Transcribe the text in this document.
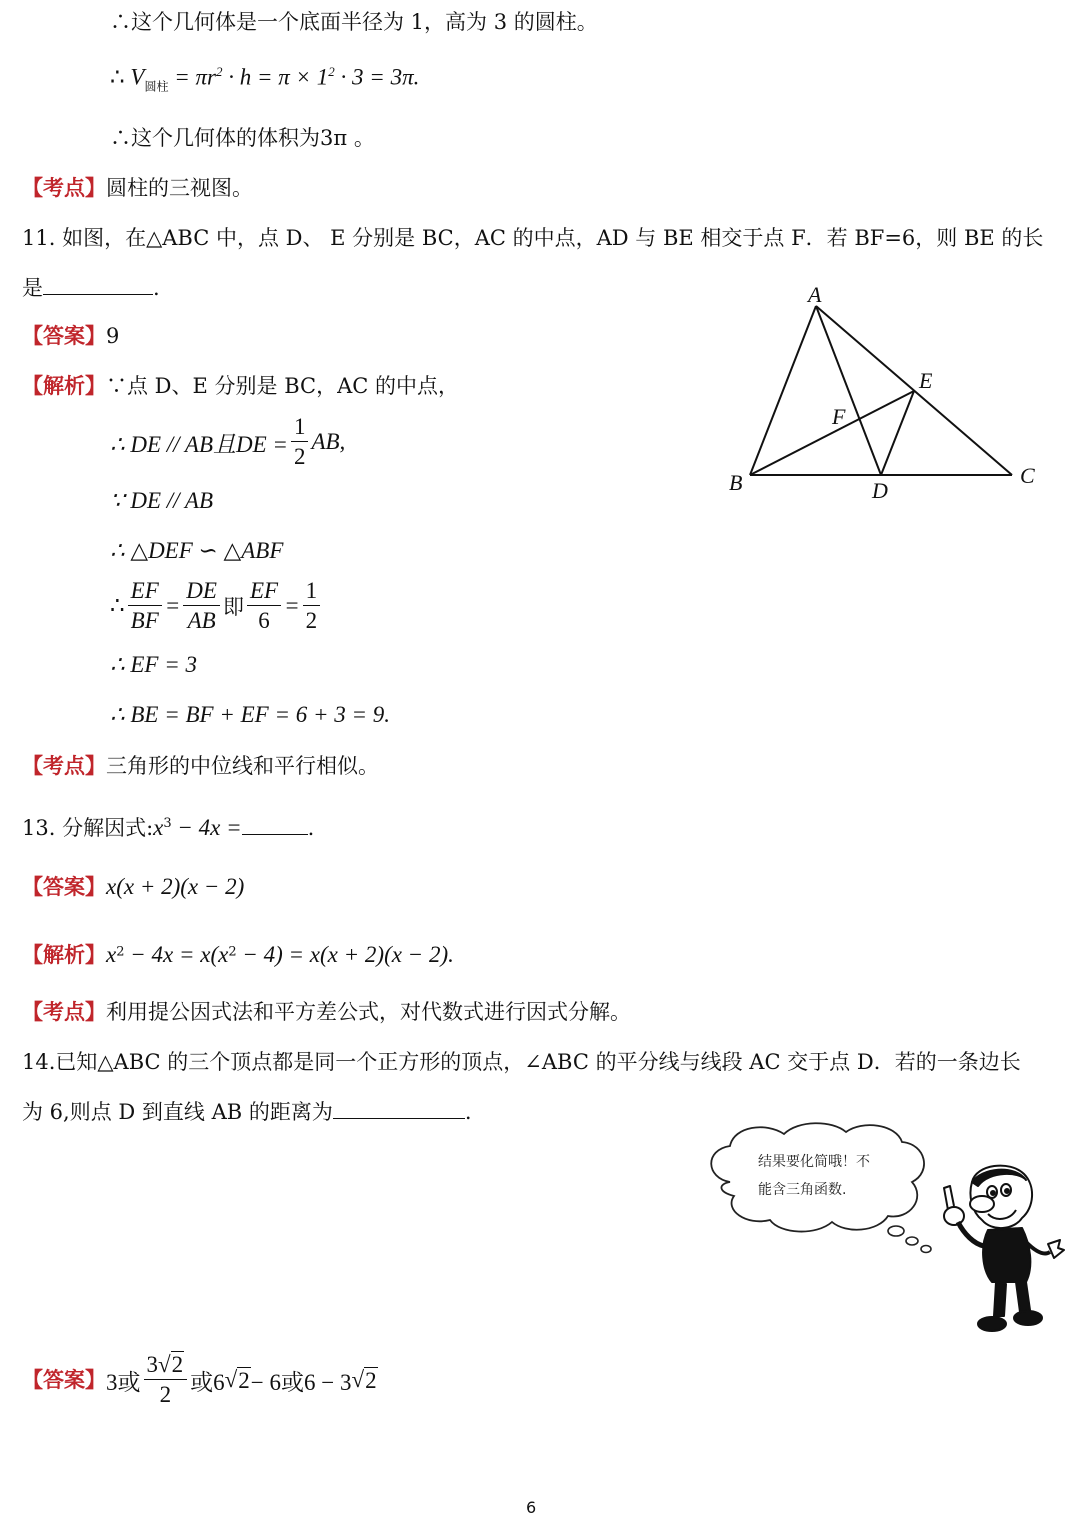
∴这个几何体是一个底面半径为 1，高为 3 的圆柱。
∴ $V_{圆柱} = \pi r^2 \cdot h = \pi \times 1^2 \cdot 3 = 3\pi$.
∴这个几何体的体积为3π 。
【考点】圆柱的三视图。
11. 如图，在△ABC 中，点 D、 E 分别是 BC，AC 的中点，AD 与 BE 相交于点 F．若 BF=6，则 BE 的长
是	.
【答案】9
【解析】∵点 D、E 分别是 BC，AC 的中点，
∴ DE // AB且DE = $\frac{1}{2}$ AB,
∵ DE // AB
∴ △DEF ∽ △ABF
∴ $\frac{EF}{BF} = \frac{DE}{AB}$ 即 $\frac{EF}{6} = \frac{1}{2}$
∴ EF = 3
∴ BE = BF + EF = 6 + 3 = 9.
【考点】三角形的中位线和平行相似。
A
B	C
D
E
F
13. 分解因式$:x^3 - 4x$ =	.
【答案】x(x + 2)(x − 2)
【解析】$x^2 - 4x = x(x^2 - 4) = x(x + 2)(x - 2)$.
【考点】利用提公因式法和平方差公式，对代数式进行因式分解。
14.已知△ABC 的三个顶点都是同一个正方形的顶点，∠ABC 的平分线与线段 AC 交于点 D．若的一条边长
为 6,则点 D 到直线 AB 的距离为	.
结果要化简哦！不
能含三角函数.
【答案】 3或 $\frac{3√2}{2}$ 或6 √ 2 − 6或6 − 3 √ 2
6
